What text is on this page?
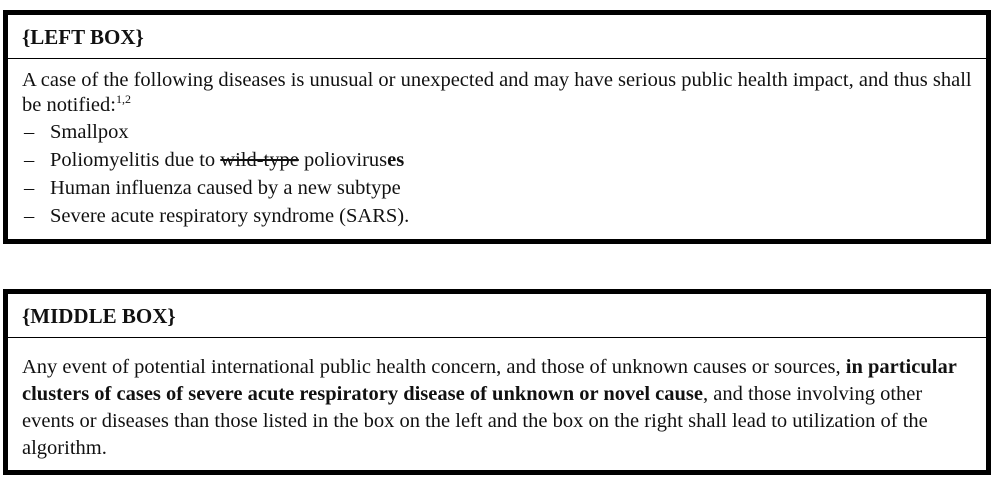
{LEFT BOX}

A case of the following diseases is unusual or unexpected and may have serious public health impact, and thus shall be notified:$^{1,2}$
– Smallpox
– Poliomyelitis due to wild-type polioviruses
– Human influenza caused by a new subtype
– Severe acute respiratory syndrome (SARS).

{MIDDLE BOX}

Any event of potential international public health concern, and those of unknown causes or sources, in particular clusters of cases of severe acute respiratory disease of unknown or novel cause, and those involving other events or diseases than those listed in the box on the left and the box on the right shall lead to utilization of the algorithm.
